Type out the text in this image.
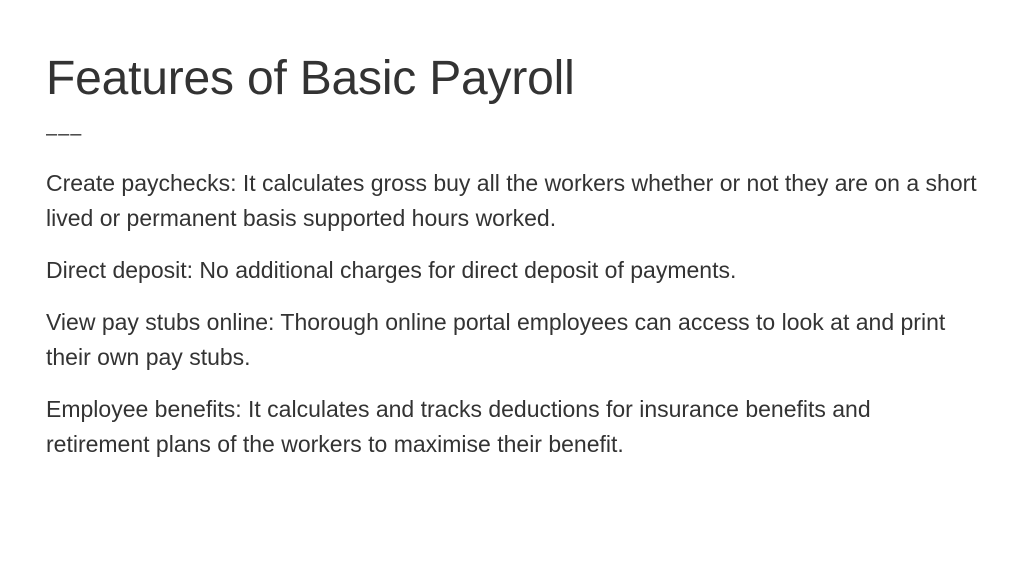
Features of Basic Payroll
–––

Create paychecks: It calculates gross buy all the workers whether or not they are on a short lived or permanent basis supported hours worked.

Direct deposit: No additional charges for direct deposit of payments.

View pay stubs online: Thorough online portal employees can access to look at and print their own pay stubs.

Employee benefits: It calculates and tracks deductions for insurance benefits and retirement plans of the workers to maximise their benefit.
